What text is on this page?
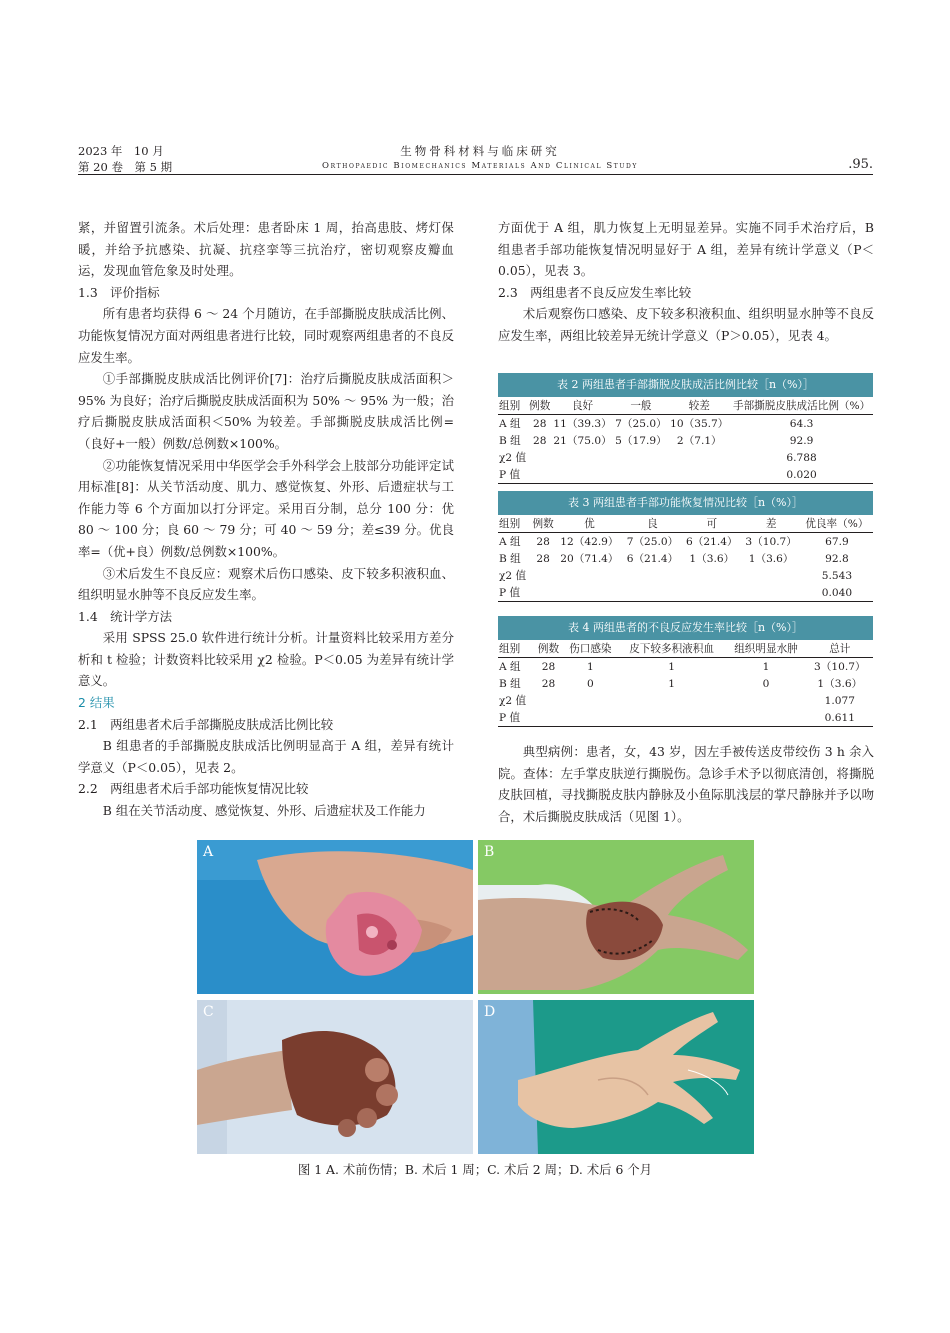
2023 年　10 月
第 20 卷　第 5 期
生物骨科材料与临床研究
Orthopaedic Biomechanics Materials And Clinical Study	.95.

紧，并留置引流条。术后处理：患者卧床 1 周，抬高患肢、烤灯保暖，并给予抗感染、抗凝、抗痉挛等三抗治疗，密切观察皮瓣血运，发现血管危象及时处理。

1.3　评价指标

所有患者均获得 6 ～ 24 个月随访，在手部撕脱皮肤成活比例、功能恢复情况方面对两组患者进行比较，同时观察两组患者的不良反应发生率。

①手部撕脱皮肤成活比例评价[7]：治疗后撕脱皮肤成活面积＞95% 为良好；治疗后撕脱皮肤成活面积为 50% ～ 95% 为一般；治疗后撕脱皮肤成活面积＜50% 为较差。手部撕脱皮肤成活比例=（良好+一般）例数/总例数×100%。

②功能恢复情况采用中华医学会手外科学会上肢部分功能评定试用标准[8]：从关节活动度、肌力、感觉恢复、外形、后遗症状与工作能力等 6 个方面加以打分评定。采用百分制，总分 100 分：优 80 ～ 100 分；良 60 ～ 79 分；可 40 ～ 59 分；差≤39 分。优良率=（优+良）例数/总例数×100%。

③术后发生不良反应：观察术后伤口感染、皮下较多积液积血、组织明显水肿等不良反应发生率。

1.4　统计学方法

采用 SPSS 25.0 软件进行统计分析。计量资料比较采用方差分析和 t 检验；计数资料比较采用 χ2 检验。P＜0.05 为差异有统计学意义。

2 结果

2.1　两组患者术后手部撕脱皮肤成活比例比较

B 组患者的手部撕脱皮肤成活比例明显高于 A 组，差异有统计学意义（P＜0.05），见表 2。

2.2　两组患者术后手部功能恢复情况比较

B 组在关节活动度、感觉恢复、外形、后遗症状及工作能力

方面优于 A 组，肌力恢复上无明显差异。实施不同手术治疗后，B 组患者手部功能恢复情况明显好于 A 组，差异有统计学意义（P＜0.05），见表 3。

2.3　两组患者不良反应发生率比较

术后观察伤口感染、皮下较多积液积血、组织明显水肿等不良反应发生率，两组比较差异无统计学意义（P＞0.05），见表 4。

表 2 两组患者手部撕脱皮肤成活比例比较［n（%）］
组别	例数	良好	一般	较差	手部撕脱皮肤成活比例（%）
A 组	28	11（39.3）	7（25.0）	10（35.7）	64.3
B 组	28	21（75.0）	5（17.9）	2（7.1）	92.9
χ2 值					6.788
P 值					0.020
表 3 两组患者手部功能恢复情况比较［n（%）］
组别	例数	优	良	可	差	优良率（%）
A 组	28	12（42.9）	7（25.0）	6（21.4）	3（10.7）	67.9
B 组	28	20（71.4）	6（21.4）	1（3.6）	1（3.6）	92.8
χ2 值						5.543
P 值						0.040
表 4 两组患者的不良反应发生率比较［n（%）］
组别	例数	伤口感染	皮下较多积液积血	组织明显水肿	总计
A 组	28	1	1	1	3（10.7）
B 组	28	0	1	0	1（3.6）
χ2 值					1.077
P 值					0.611

典型病例：患者，女，43 岁，因左手被传送皮带绞伤 3 h 余入院。查体：左手掌皮肤逆行撕脱伤。急诊手术予以彻底清创，将撕脱皮肤回植，寻找撕脱皮肤内静脉及小鱼际肌浅层的掌尺静脉并予以吻合，术后撕脱皮肤成活（见图 1）。

A	B
C	D
图 1 A. 术前伤情；B. 术后 1 周；C. 术后 2 周；D. 术后 6 个月
